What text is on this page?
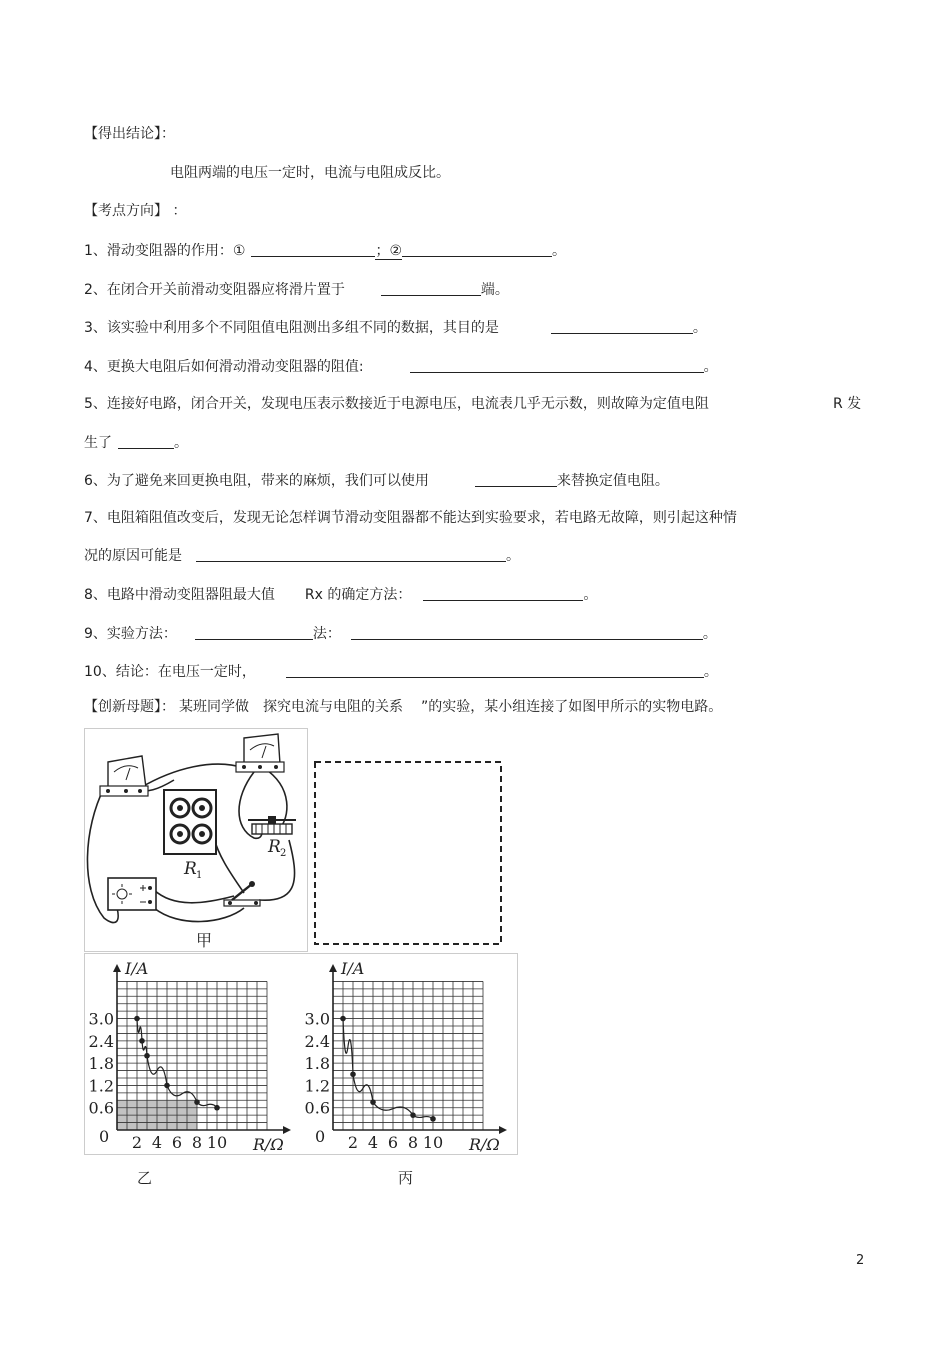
【得出结论】：
电阻两端的电压一定时，电流与电阻成反比。
【考点方向】 ：
1、滑动变阻器的作用：①	；②	。
2、在闭合开关前滑动变阻器应将滑片置于	端。
3、该实验中利用多个不同阻值电阻测出多组不同的数据，其目的是	。
4、更换大电阻后如何滑动滑动变阻器的阻值:	。
5、连接好电路，闭合开关，发现电压表示数接近于电源电压，电流表几乎无示数，则故障为定值电阻	R 发
生了	。
6、为了避免来回更换电阻，带来的麻烦，我们可以使用	来替换定值电阻。
7、电阻箱阻值改变后，发现无论怎样调节滑动变阻器都不能达到实验要求，若电路无故障，则引起这种情
况的原因可能是	。
8、电路中滑动变阻器阻最大值 Rx 的确定方法：	。
9、实验方法：	法：	。
10、结论：在电压一定时，	。
【创新母题】： 某班同学做 探究电流与电阻的关系 ”的实验，某小组连接了如图甲所示的实物电路。
R 1
R 2
甲
I/A
R/Ω
0 2 4 6 8 10
0.6
1.2
1.8
2.4
3.0
I/A
R/Ω
0 2 4 6 8 10
0.6
1.2
1.8
2.4
3.0
乙	丙
2
